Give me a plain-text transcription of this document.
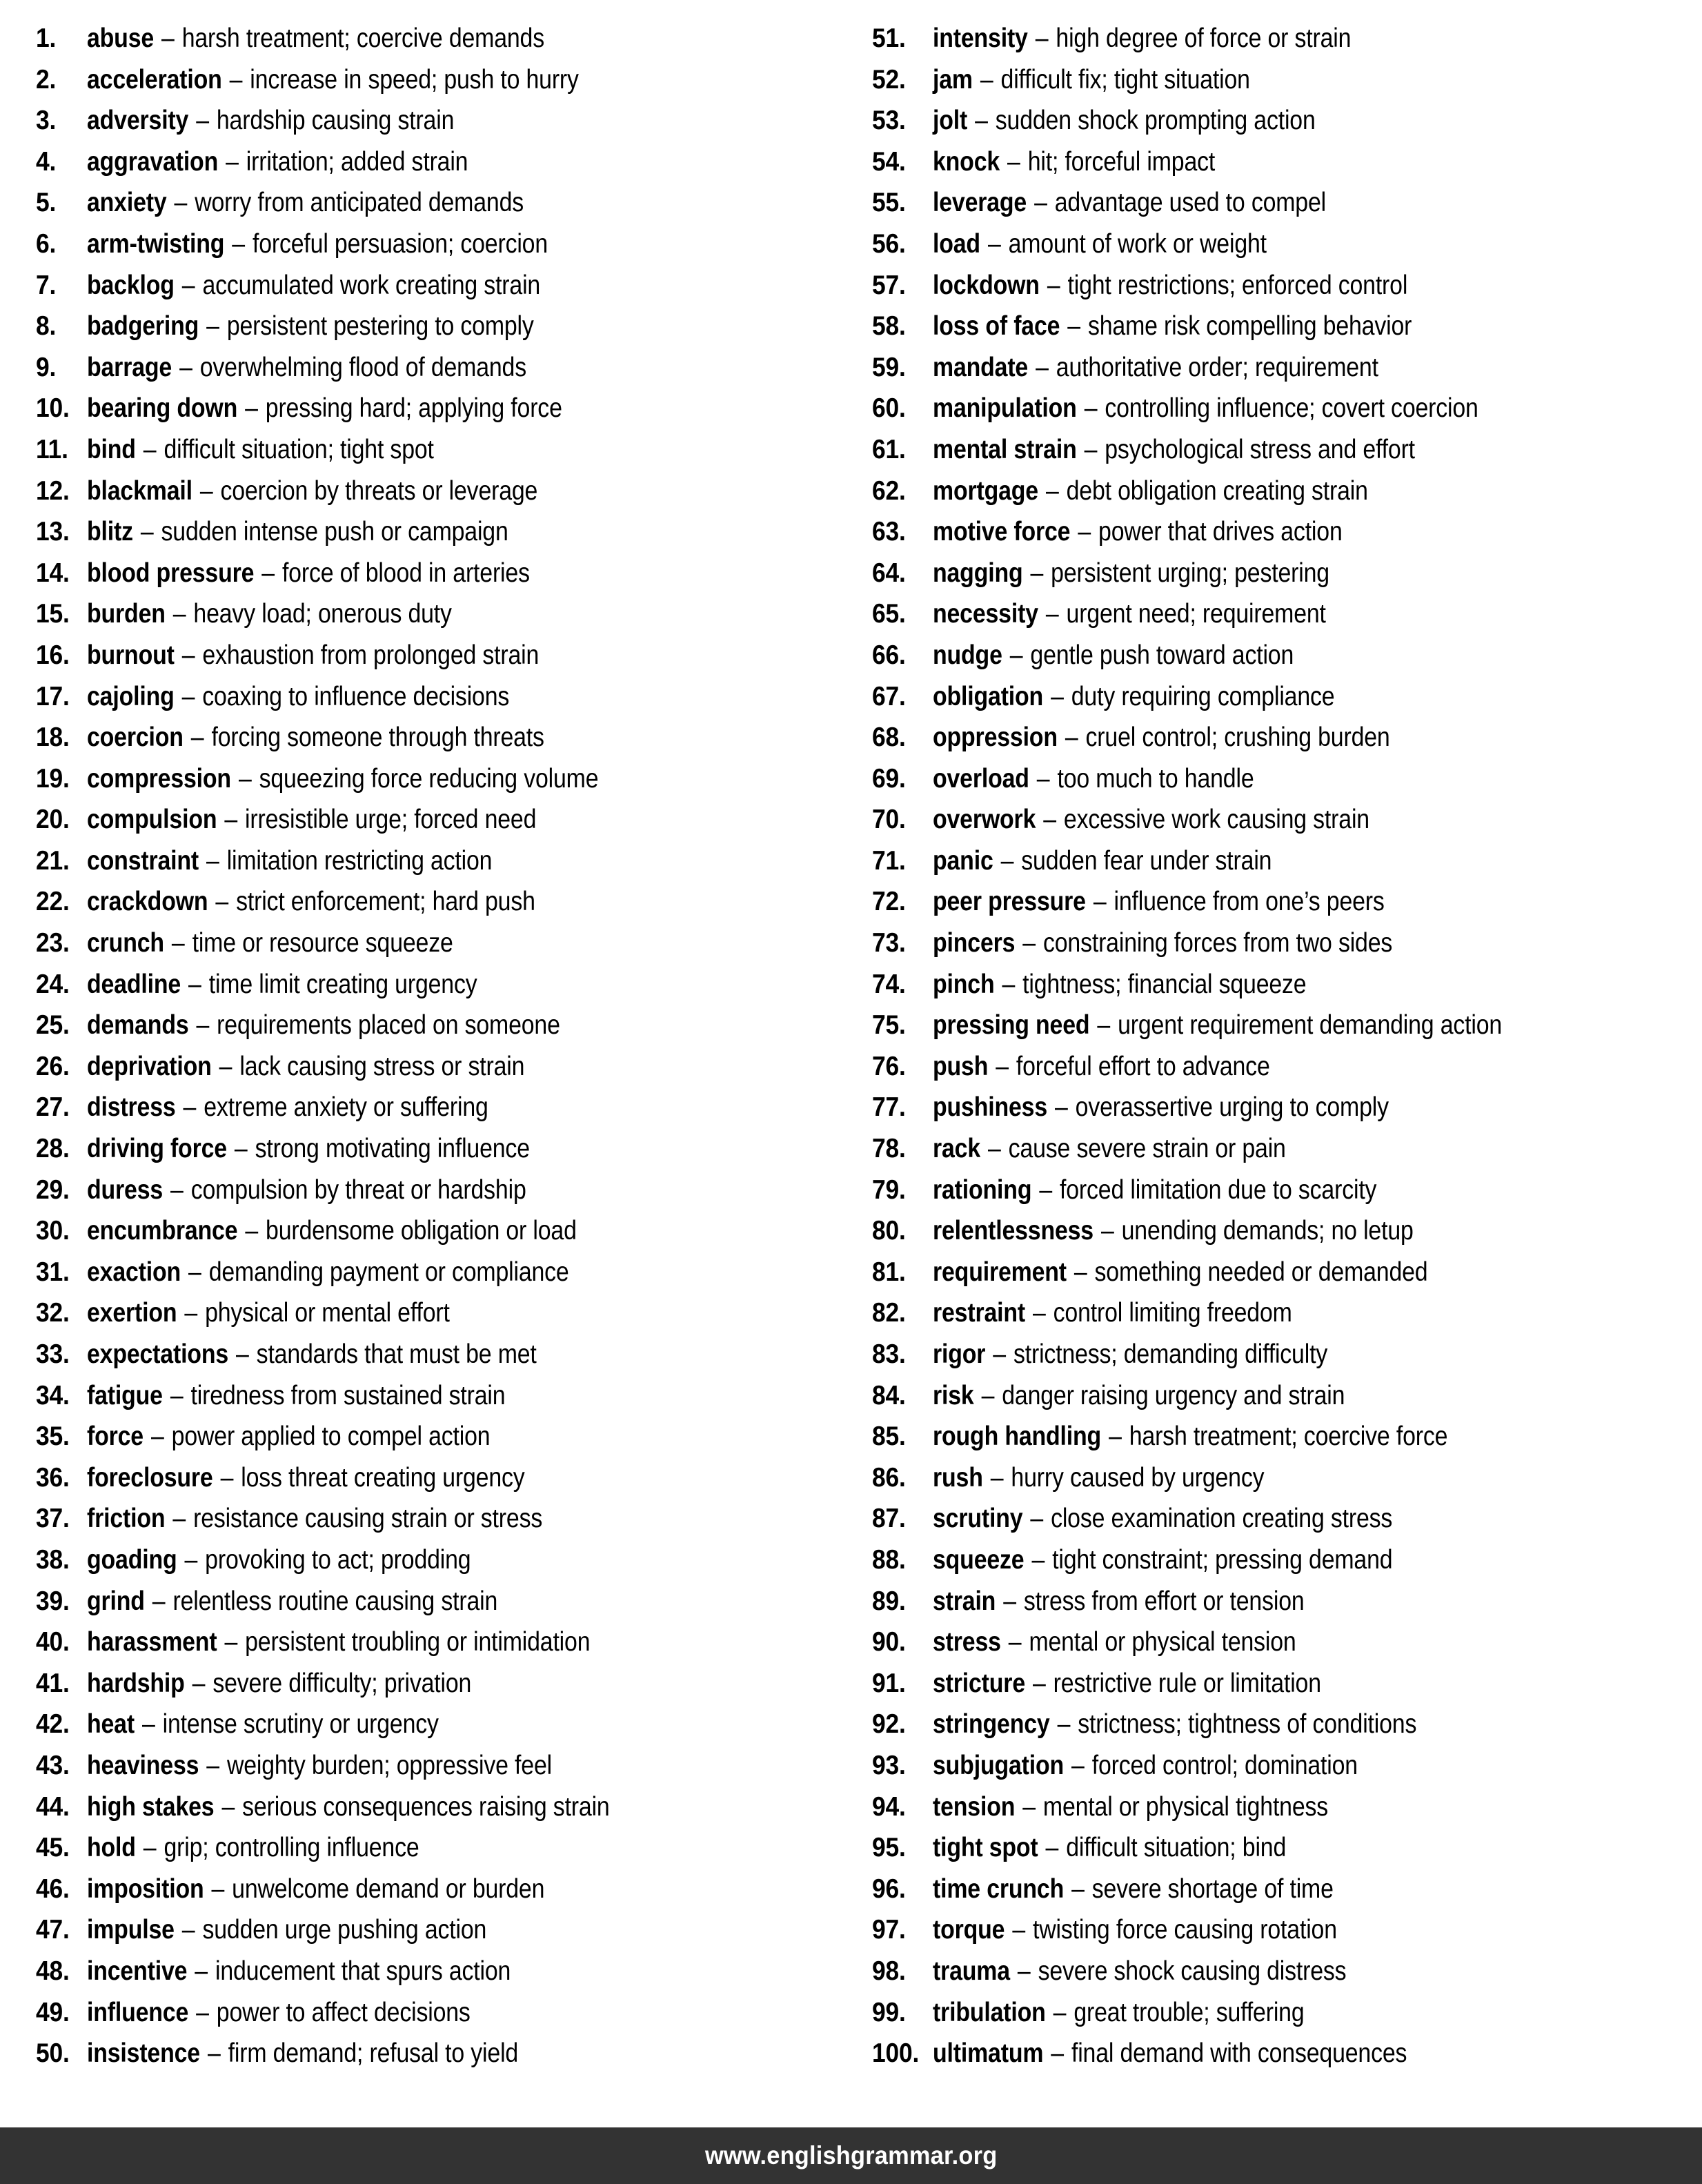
1.	abuse – harsh treatment; coercive demands
2.	acceleration – increase in speed; push to hurry
3.	adversity – hardship causing strain
4.	aggravation – irritation; added strain
5.	anxiety – worry from anticipated demands
6.	arm-twisting – forceful persuasion; coercion
7.	backlog – accumulated work creating strain
8.	badgering – persistent pestering to comply
9.	barrage – overwhelming flood of demands
10. bearing down – pressing hard; applying force
11. bind – difficult situation; tight spot
12. blackmail – coercion by threats or leverage
13. blitz – sudden intense push or campaign
14. blood pressure – force of blood in arteries
15. burden – heavy load; onerous duty
16. burnout – exhaustion from prolonged strain
17. cajoling – coaxing to influence decisions
18. coercion – forcing someone through threats
19. compression – squeezing force reducing volume
20. compulsion – irresistible urge; forced need
21. constraint – limitation restricting action
22. crackdown – strict enforcement; hard push
23. crunch – time or resource squeeze
24. deadline – time limit creating urgency
25. demands – requirements placed on someone
26. deprivation – lack causing stress or strain
27. distress – extreme anxiety or suffering
28. driving force – strong motivating influence
29. duress – compulsion by threat or hardship
30. encumbrance – burdensome obligation or load
31. exaction – demanding payment or compliance
32. exertion – physical or mental effort
33. expectations – standards that must be met
34. fatigue – tiredness from sustained strain
35. force – power applied to compel action
36. foreclosure – loss threat creating urgency
37. friction – resistance causing strain or stress
38. goading – provoking to act; prodding
39. grind – relentless routine causing strain
40. harassment – persistent troubling or intimidation
41. hardship – severe difficulty; privation
42. heat – intense scrutiny or urgency
43. heaviness – weighty burden; oppressive feel
44. high stakes – serious consequences raising strain
45. hold – grip; controlling influence
46. imposition – unwelcome demand or burden
47. impulse – sudden urge pushing action
48. incentive – inducement that spurs action
49. influence – power to affect decisions
50. insistence – firm demand; refusal to yield
51.	intensity – high degree of force or strain
52.	jam – difficult fix; tight situation
53.	jolt – sudden shock prompting action
54.	knock – hit; forceful impact
55.	leverage – advantage used to compel
56.	load – amount of work or weight
57.	lockdown – tight restrictions; enforced control
58.	loss of face – shame risk compelling behavior
59.	mandate – authoritative order; requirement
60.	manipulation – controlling influence; covert coercion
61.	mental strain – psychological stress and effort
62.	mortgage – debt obligation creating strain
63.	motive force – power that drives action
64.	nagging – persistent urging; pestering
65.	necessity – urgent need; requirement
66.	nudge – gentle push toward action
67.	obligation – duty requiring compliance
68.	oppression – cruel control; crushing burden
69.	overload – too much to handle
70.	overwork – excessive work causing strain
71.	panic – sudden fear under strain
72.	peer pressure – influence from one’s peers
73.	pincers – constraining forces from two sides
74.	pinch – tightness; financial squeeze
75.	pressing need – urgent requirement demanding action
76.	push – forceful effort to advance
77.	pushiness – overassertive urging to comply
78.	rack – cause severe strain or pain
79.	rationing – forced limitation due to scarcity
80.	relentlessness – unending demands; no letup
81.	requirement – something needed or demanded
82.	restraint – control limiting freedom
83.	rigor – strictness; demanding difficulty
84.	risk – danger raising urgency and strain
85.	rough handling – harsh treatment; coercive force
86.	rush – hurry caused by urgency
87.	scrutiny – close examination creating stress
88.	squeeze – tight constraint; pressing demand
89.	strain – stress from effort or tension
90.	stress – mental or physical tension
91.	stricture – restrictive rule or limitation
92.	stringency – strictness; tightness of conditions
93.	subjugation – forced control; domination
94.	tension – mental or physical tightness
95.	tight spot – difficult situation; bind
96.	time crunch – severe shortage of time
97.	torque – twisting force causing rotation
98.	trauma – severe shock causing distress
99.	tribulation – great trouble; suffering
100. ultimatum – final demand with consequences
www.englishgrammar.org
